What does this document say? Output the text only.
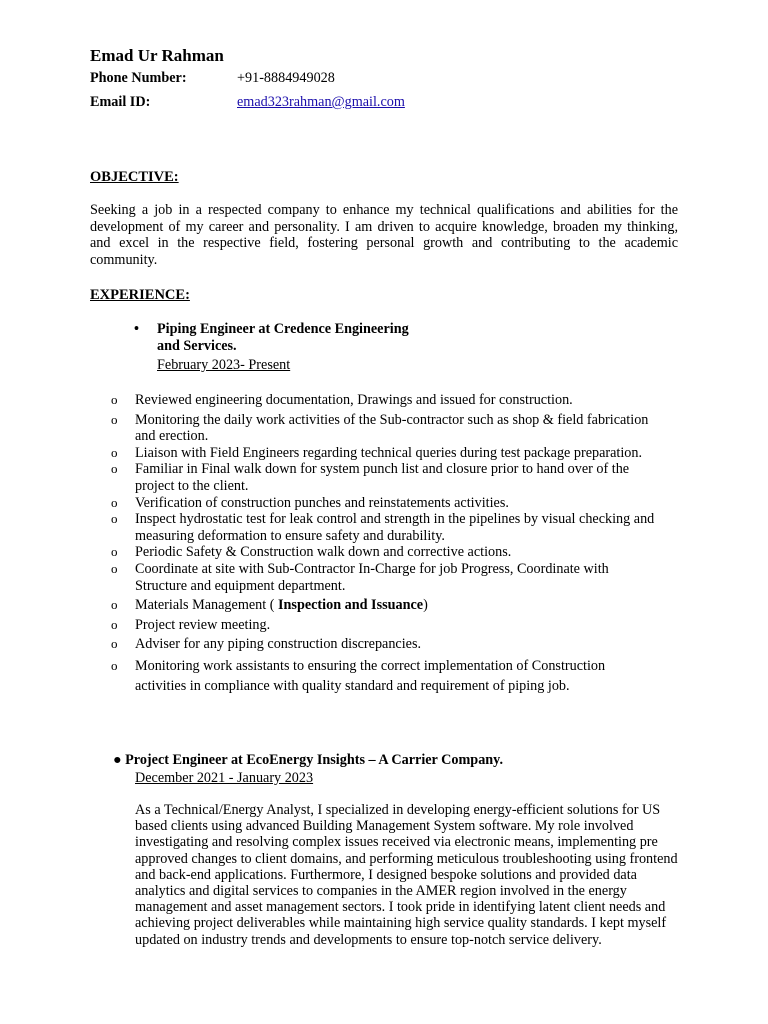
Emad Ur Rahman
Phone Number:	+91-8884949028
Email ID:	emad323rahman@gmail.com
OBJECTIVE:
Seeking a job in a respected company to enhance my technical qualifications and abilities for the development of my career and personality. I am driven to acquire knowledge, broaden my thinking, and excel in the respective field, fostering personal growth and contributing to the academic community.
EXPERIENCE:
• Piping Engineer at Credence Engineering
and Services.
February 2023- Present
o Reviewed engineering documentation, Drawings and issued for construction.
o Monitoring the daily work activities of the Sub-contractor such as shop & field fabrication and erection.
o Liaison with Field Engineers regarding technical queries during test package preparation.
o Familiar in Final walk down for system punch list and closure prior to hand over of the project to the client.
o Verification of construction punches and reinstatements activities.
o Inspect hydrostatic test for leak control and strength in the pipelines by visual checking and measuring deformation to ensure safety and durability.
o Periodic Safety & Construction walk down and corrective actions.
o Coordinate at site with Sub-Contractor In-Charge for job Progress, Coordinate with Structure and equipment department.
o Materials Management ( Inspection and Issuance)
o Project review meeting.
o Adviser for any piping construction discrepancies.
o Monitoring work assistants to ensuring the correct implementation of Construction activities in compliance with quality standard and requirement of piping job.
● Project Engineer at EcoEnergy Insights – A Carrier Company.
December 2021 - January 2023
As a Technical/Energy Analyst, I specialized in developing energy-efficient solutions for US based clients using advanced Building Management System software. My role involved investigating and resolving complex issues received via electronic means, implementing pre approved changes to client domains, and performing meticulous troubleshooting using frontend and back-end applications. Furthermore, I designed bespoke solutions and provided data analytics and digital services to companies in the AMER region involved in the energy management and asset management sectors. I took pride in identifying latent client needs and achieving project deliverables while maintaining high service quality standards. I kept myself updated on industry trends and developments to ensure top-notch service delivery.
